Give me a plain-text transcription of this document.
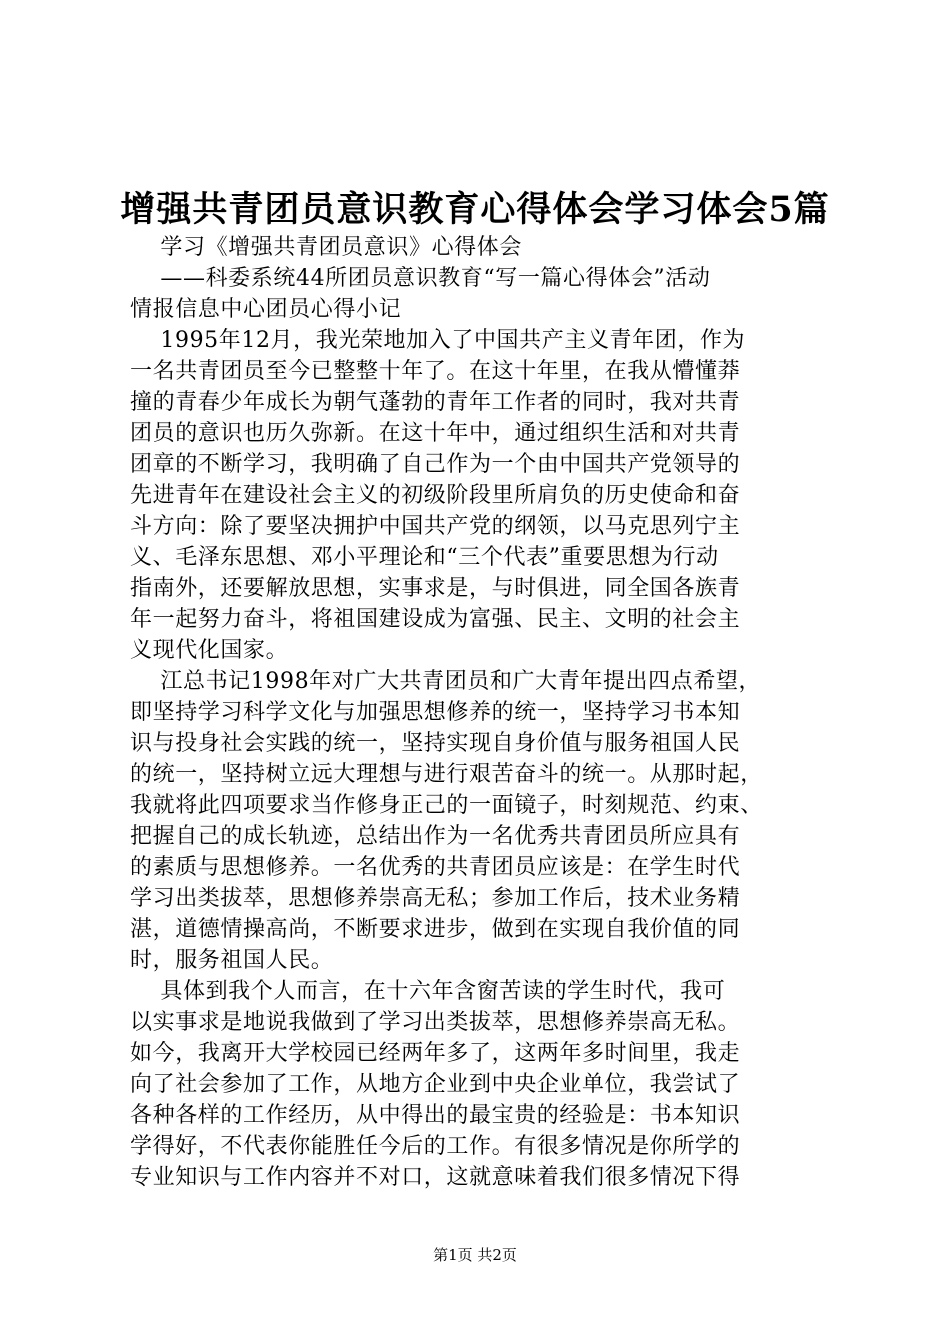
增强共青团员意识教育心得体会学习体会5篇
学习《增强共青团员意识》心得体会
——科委系统44所团员意识教育“写一篇心得体会”活动
情报信息中心团员心得小记
1995年12月，我光荣地加入了中国共产主义青年团，作为
一名共青团员至今已整整十年了。在这十年里，在我从懵懂莽
撞的青春少年成长为朝气蓬勃的青年工作者的同时，我对共青
团员的意识也历久弥新。在这十年中，通过组织生活和对共青
团章的不断学习，我明确了自己作为一个由中国共产党领导的
先进青年在建设社会主义的初级阶段里所肩负的历史使命和奋
斗方向：除了要坚决拥护中国共产党的纲领，以马克思列宁主
义、毛泽东思想、邓小平理论和“三个代表”重要思想为行动
指南外，还要解放思想，实事求是，与时俱进，同全国各族青
年一起努力奋斗，将祖国建设成为富强、民主、文明的社会主
义现代化国家。
江总书记1998年对广大共青团员和广大青年提出四点希望，
即坚持学习科学文化与加强思想修养的统一，坚持学习书本知
识与投身社会实践的统一，坚持实现自身价值与服务祖国人民
的统一，坚持树立远大理想与进行艰苦奋斗的统一。从那时起，
我就将此四项要求当作修身正己的一面镜子，时刻规范、约束、
把握自己的成长轨迹，总结出作为一名优秀共青团员所应具有
的素质与思想修养。一名优秀的共青团员应该是：在学生时代
学习出类拔萃，思想修养崇高无私；参加工作后，技术业务精
湛，道德情操高尚，不断要求进步，做到在实现自我价值的同
时，服务祖国人民。
具体到我个人而言，在十六年含窗苦读的学生时代，我可
以实事求是地说我做到了学习出类拔萃，思想修养崇高无私。
如今，我离开大学校园已经两年多了，这两年多时间里，我走
向了社会参加了工作，从地方企业到中央企业单位，我尝试了
各种各样的工作经历，从中得出的最宝贵的经验是：书本知识
学得好，不代表你能胜任今后的工作。有很多情况是你所学的
专业知识与工作内容并不对口，这就意味着我们很多情况下得
第1页 共2页
